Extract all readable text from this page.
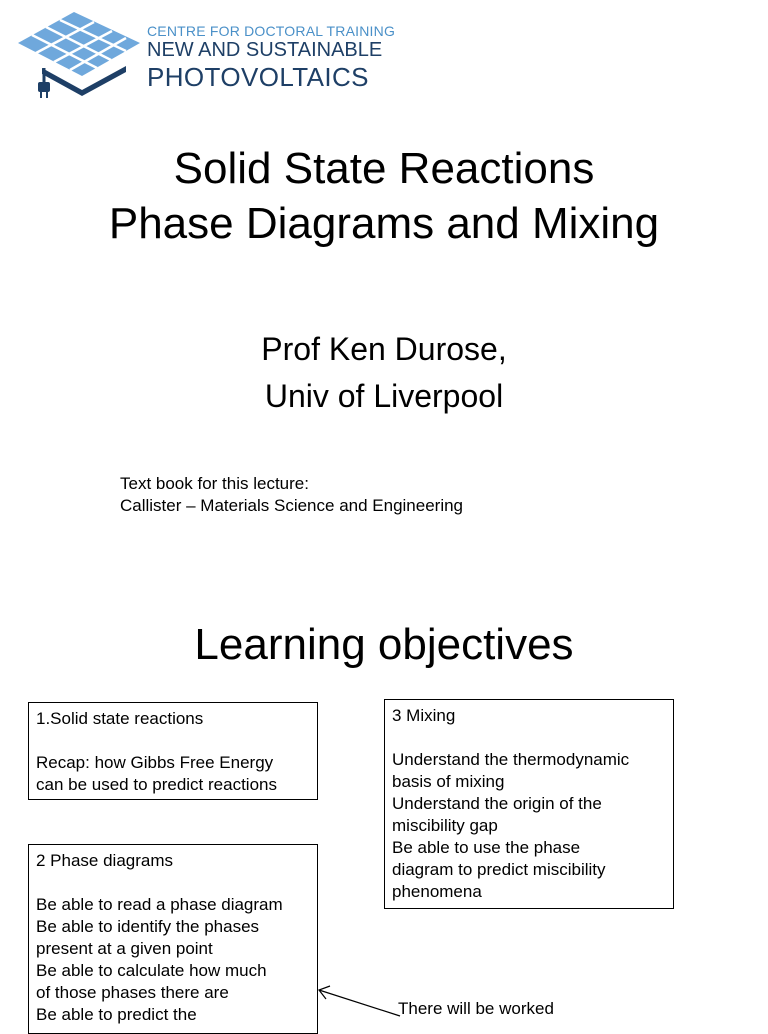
CENTRE FOR DOCTORAL TRAINING
NEW AND SUSTAINABLE
PHOTOVOLTAICS
Solid State Reactions
Phase Diagrams and Mixing
Prof Ken Durose,
Univ of Liverpool
Text book for this lecture:
Callister – Materials Science and Engineering
Learning objectives

1.Solid state reactions

Recap: how Gibbs Free Energy

can be used to predict reactions

3 Mixing

Understand the thermodynamic

basis of mixing

Understand the origin of the

miscibility gap

Be able to use the phase

diagram to predict miscibility

phenomena

2 Phase diagrams

Be able to read a phase diagram

Be able to identify the phases

present at a given point

Be able to calculate how much

of those phases there are

Be able to predict the	There will be worked
